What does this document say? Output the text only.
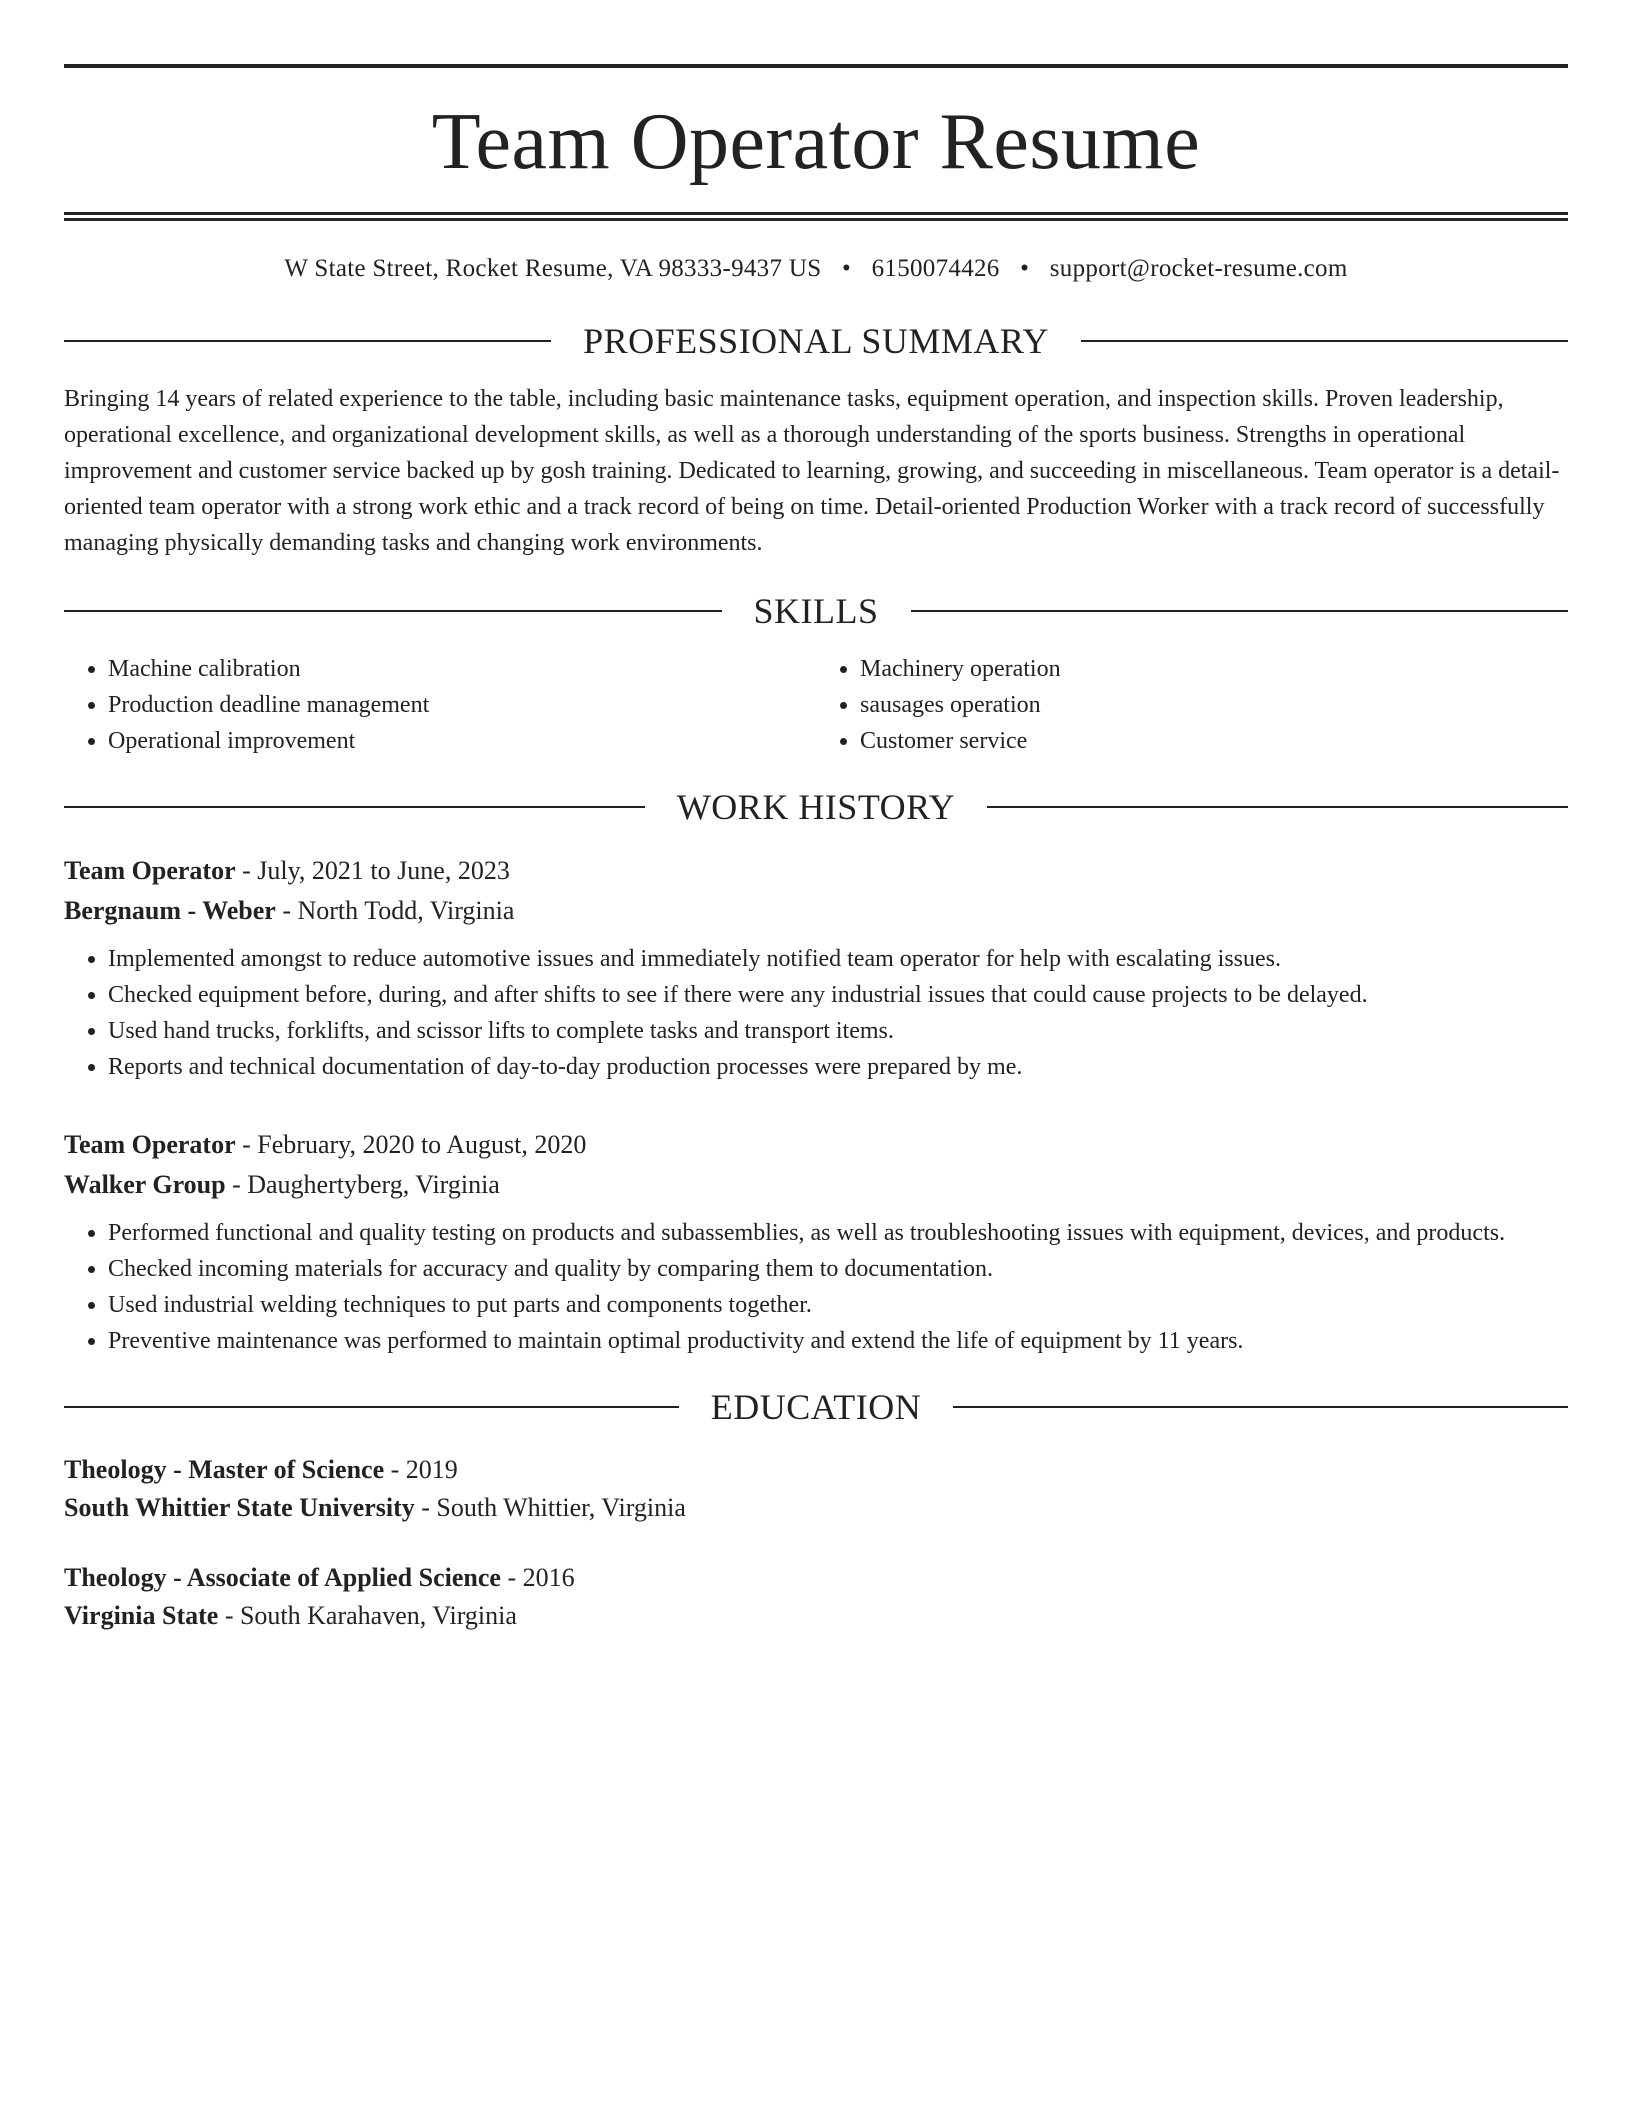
Team Operator Resume
W State Street, Rocket Resume, VA 98333-9437 US • 6150074426 • support@rocket-resume.com
PROFESSIONAL SUMMARY
Bringing 14 years of related experience to the table, including basic maintenance tasks, equipment operation, and inspection skills. Proven leadership, operational excellence, and organizational development skills, as well as a thorough understanding of the sports business. Strengths in operational improvement and customer service backed up by gosh training. Dedicated to learning, growing, and succeeding in miscellaneous. Team operator is a detail-oriented team operator with a strong work ethic and a track record of being on time. Detail-oriented Production Worker with a track record of successfully managing physically demanding tasks and changing work environments.
SKILLS
• Machine calibration
• Production deadline management
• Operational improvement
• Machinery operation
• sausages operation
• Customer service
WORK HISTORY
Team Operator - July, 2021 to June, 2023
Bergnaum - Weber - North Todd, Virginia
• Implemented amongst to reduce automotive issues and immediately notified team operator for help with escalating issues.
• Checked equipment before, during, and after shifts to see if there were any industrial issues that could cause projects to be delayed.
• Used hand trucks, forklifts, and scissor lifts to complete tasks and transport items.
• Reports and technical documentation of day-to-day production processes were prepared by me.
Team Operator - February, 2020 to August, 2020
Walker Group - Daughertyberg, Virginia
• Performed functional and quality testing on products and subassemblies, as well as troubleshooting issues with equipment, devices, and products.
• Checked incoming materials for accuracy and quality by comparing them to documentation.
• Used industrial welding techniques to put parts and components together.
• Preventive maintenance was performed to maintain optimal productivity and extend the life of equipment by 11 years.
EDUCATION
Theology - Master of Science - 2019
South Whittier State University - South Whittier, Virginia
Theology - Associate of Applied Science - 2016
Virginia State - South Karahaven, Virginia
